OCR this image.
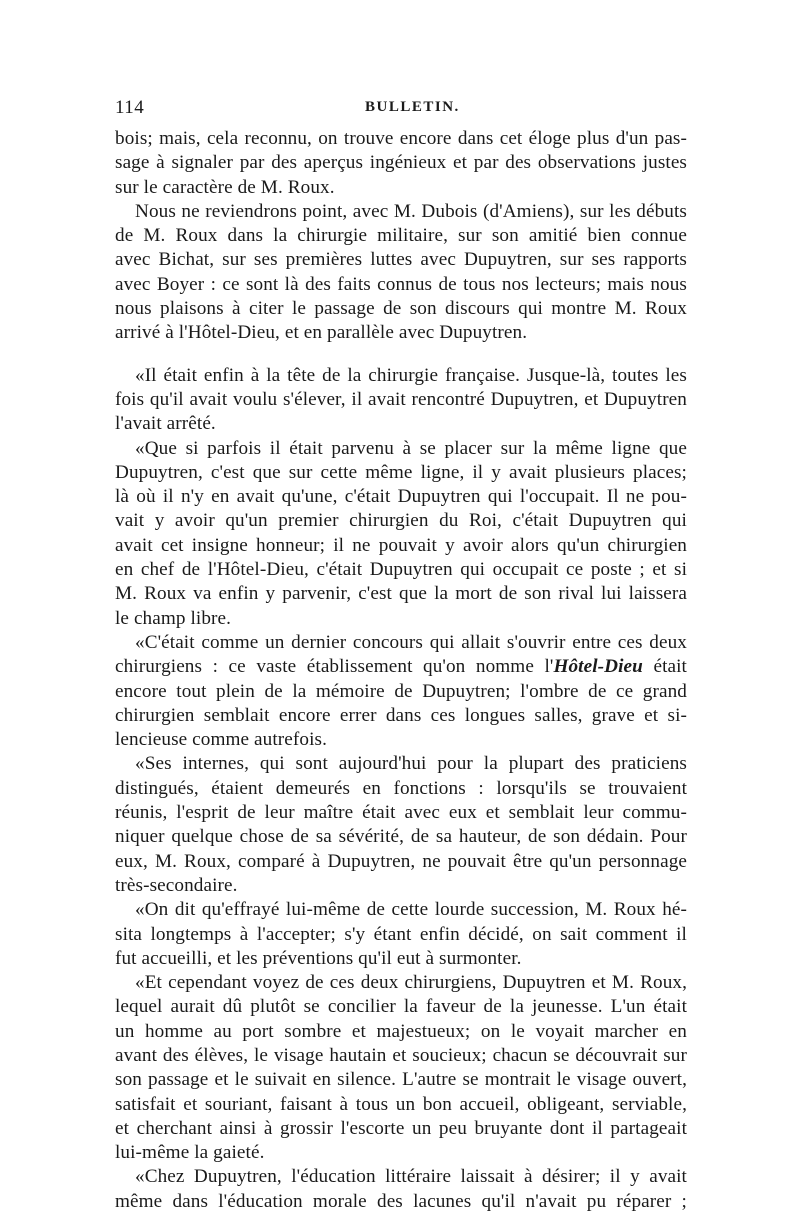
114	BULLETIN.
bois; mais, cela reconnu, on trouve encore dans cet éloge plus d'un pas-
sage à signaler par des aperçus ingénieux et par des observations justes
sur le caractère de M. Roux.
Nous ne reviendrons point, avec M. Dubois (d'Amiens), sur les débuts
de M. Roux dans la chirurgie militaire, sur son amitié bien connue
avec Bichat, sur ses premières luttes avec Dupuytren, sur ses rapports
avec Boyer : ce sont là des faits connus de tous nos lecteurs; mais nous
nous plaisons à citer le passage de son discours qui montre M. Roux
arrivé à l'Hôtel-Dieu, et en parallèle avec Dupuytren.
«Il était enfin à la tête de la chirurgie française. Jusque-là, toutes les
fois qu'il avait voulu s'élever, il avait rencontré Dupuytren, et Dupuytren
l'avait arrêté.
«Que si parfois il était parvenu à se placer sur la même ligne que
Dupuytren, c'est que sur cette même ligne, il y avait plusieurs places;
là où il n'y en avait qu'une, c'était Dupuytren qui l'occupait. Il ne pou-
vait y avoir qu'un premier chirurgien du Roi, c'était Dupuytren qui
avait cet insigne honneur; il ne pouvait y avoir alors qu'un chirurgien
en chef de l'Hôtel-Dieu, c'était Dupuytren qui occupait ce poste ; et si
M. Roux va enfin y parvenir, c'est que la mort de son rival lui laissera
le champ libre.
«C'était comme un dernier concours qui allait s'ouvrir entre ces deux
chirurgiens : ce vaste établissement qu'on nomme l'Hôtel-Dieu était
encore tout plein de la mémoire de Dupuytren; l'ombre de ce grand
chirurgien semblait encore errer dans ces longues salles, grave et si-
lencieuse comme autrefois.
«Ses internes, qui sont aujourd'hui pour la plupart des praticiens
distingués, étaient demeurés en fonctions : lorsqu'ils se trouvaient
réunis, l'esprit de leur maître était avec eux et semblait leur commu-
niquer quelque chose de sa sévérité, de sa hauteur, de son dédain. Pour
eux, M. Roux, comparé à Dupuytren, ne pouvait être qu'un personnage
très-secondaire.
«On dit qu'effrayé lui-même de cette lourde succession, M. Roux hé-
sita longtemps à l'accepter; s'y étant enfin décidé, on sait comment il
fut accueilli, et les préventions qu'il eut à surmonter.
«Et cependant voyez de ces deux chirurgiens, Dupuytren et M. Roux,
lequel aurait dû plutôt se concilier la faveur de la jeunesse. L'un était
un homme au port sombre et majestueux; on le voyait marcher en
avant des élèves, le visage hautain et soucieux; chacun se découvrait sur
son passage et le suivait en silence. L'autre se montrait le visage ouvert,
satisfait et souriant, faisant à tous un bon accueil, obligeant, serviable,
et cherchant ainsi à grossir l'escorte un peu bruyante dont il partageait
lui-même la gaieté.
«Chez Dupuytren, l'éducation littéraire laissait à désirer; il y avait
même dans l'éducation morale des lacunes qu'il n'avait pu réparer ;
